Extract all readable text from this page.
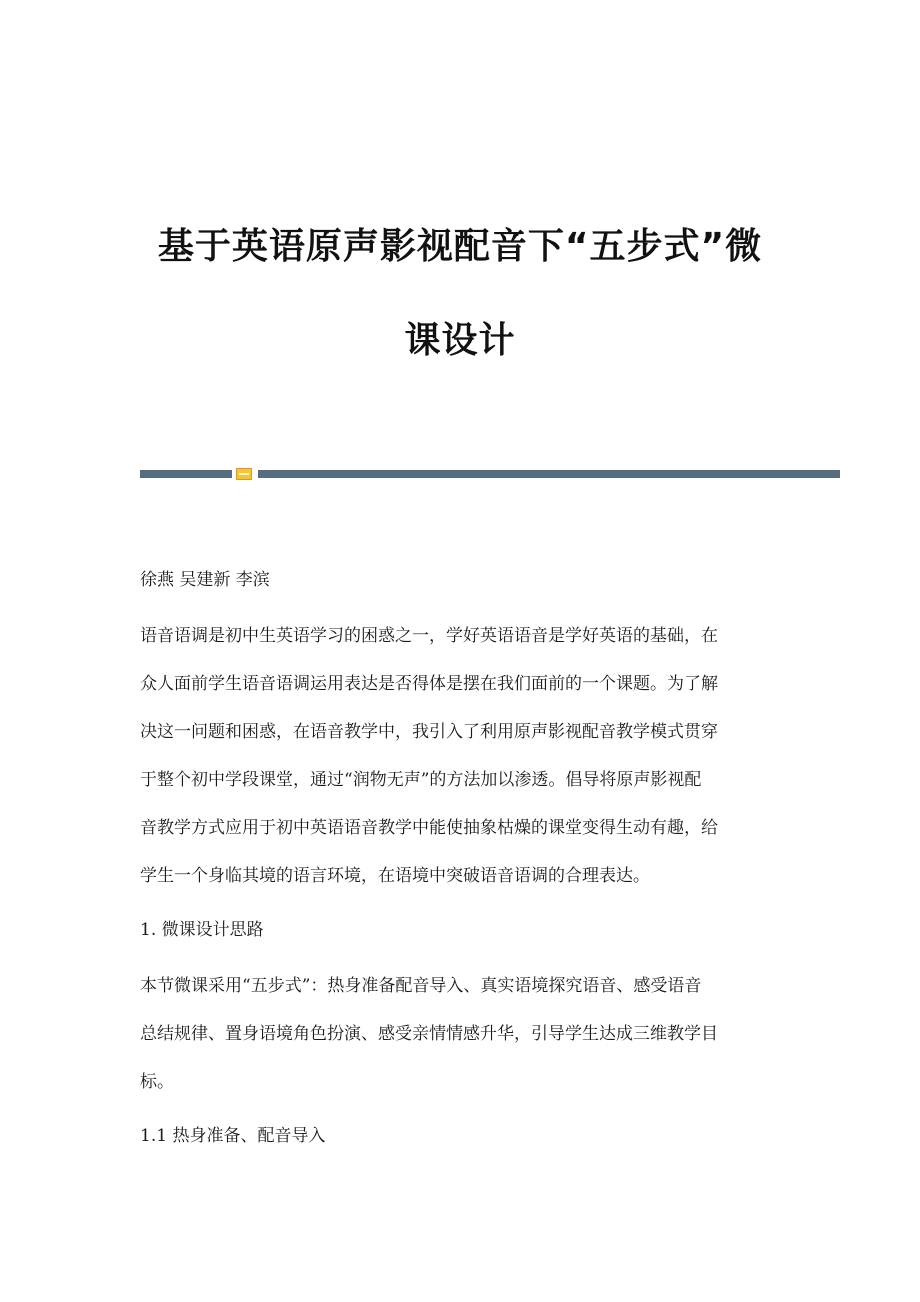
基于英语原声影视配音下“五步式”微
课设计
徐燕 吴建新 李滨
语音语调是初中生英语学习的困惑之一，学好英语语音是学好英语的基础，在
众人面前学生语音语调运用表达是否得体是摆在我们面前的一个课题。为了解
决这一问题和困惑，在语音教学中，我引入了利用原声影视配音教学模式贯穿
于整个初中学段课堂，通过“润物无声”的方法加以渗透。倡导将原声影视配
音教学方式应用于初中英语语音教学中能使抽象枯燥的课堂变得生动有趣，给
学生一个身临其境的语言环境，在语境中突破语音语调的合理表达。
1. 微课设计思路
本节微课采用“五步式”：热身准备配音导入、真实语境探究语音、感受语音
总结规律、置身语境角色扮演、感受亲情情感升华，引导学生达成三维教学目
标。
1.1 热身准备、配音导入
